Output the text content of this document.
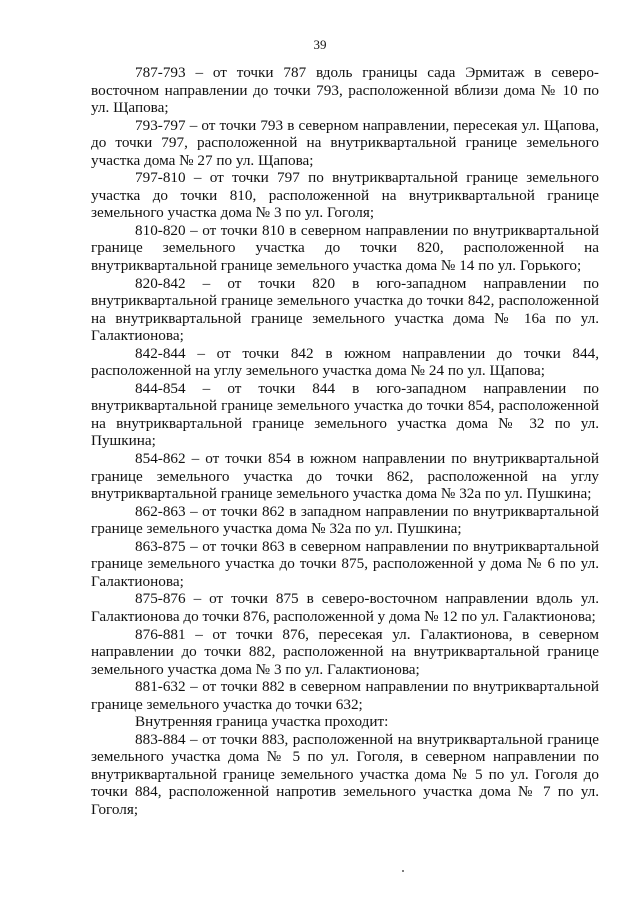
39

787-793 – от точки 787 вдоль границы сада Эрмитаж в северо-восточном направлении до точки 793, расположенной вблизи дома № 10 по ул. Щапова;

793-797 – от точки 793 в северном направлении, пересекая ул. Щапова, до точки 797, расположенной на внутриквартальной границе земельного участка дома № 27 по ул. Щапова;

797-810 – от точки 797 по внутриквартальной границе земельного участка до точки 810, расположенной на внутриквартальной границе земельного участка дома № 3 по ул. Гоголя;

810-820 – от точки 810 в северном направлении по внутриквартальной границе земельного участка до точки 820, расположенной на внутриквартальной границе земельного участка дома № 14 по ул. Горького;

820-842 – от точки 820 в юго-западном направлении по внутриквартальной границе земельного участка до точки 842, расположенной на внутриквартальной границе земельного участка дома № 16а по ул. Галактионова;

842-844 – от точки 842 в южном направлении до точки 844, расположенной на углу земельного участка дома № 24 по ул. Щапова;

844-854 – от точки 844 в юго-западном направлении по внутриквартальной границе земельного участка до точки 854, расположенной на внутриквартальной границе земельного участка дома № 32 по ул. Пушкина;

854-862 – от точки 854 в южном направлении по внутриквартальной границе земельного участка до точки 862, расположенной на углу внутриквартальной границе земельного участка дома № 32а по ул. Пушкина;

862-863 – от точки 862 в западном направлении по внутриквартальной границе земельного участка дома № 32а по ул. Пушкина;

863-875 – от точки 863 в северном направлении по внутриквартальной границе земельного участка до точки 875, расположенной у дома № 6 по ул. Галактионова;

875-876 – от точки 875 в северо-восточном направлении вдоль ул. Галактионова до точки 876, расположенной у дома № 12 по ул. Галактионова;

876-881 – от точки 876, пересекая ул. Галактионова, в северном направлении до точки 882, расположенной на внутриквартальной границе земельного участка дома № 3 по ул. Галактионова;

881-632 – от точки 882 в северном направлении по внутриквартальной границе земельного участка до точки 632;

Внутренняя граница участка проходит:

883-884 – от точки 883, расположенной на внутриквартальной границе земельного участка дома № 5 по ул. Гоголя, в северном направлении по внутриквартальной границе земельного участка дома № 5 по ул. Гоголя до точки 884, расположенной напротив земельного участка дома № 7 по ул. Гоголя;
